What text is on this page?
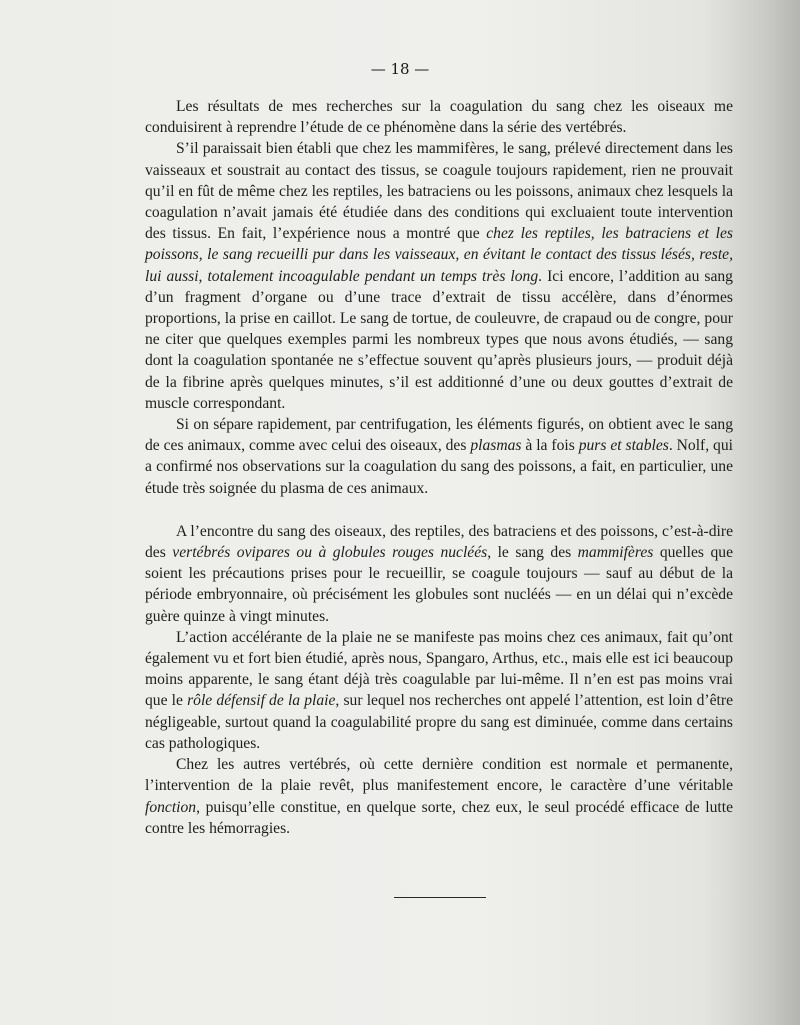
— 18 —

Les résultats de mes recherches sur la coagulation du sang chez les oiseaux me conduisirent à reprendre l’étude de ce phénomène dans la série des vertébrés.

S’il paraissait bien établi que chez les mammifères, le sang, prélevé directement dans les vaisseaux et soustrait au contact des tissus, se coagule toujours rapidement, rien ne prouvait qu’il en fût de même chez les reptiles, les batraciens ou les poissons, animaux chez lesquels la coagulation n’avait jamais été étudiée dans des conditions qui excluaient toute intervention des tissus. En fait, l’expérience nous a montré que chez les reptiles, les batraciens et les poissons, le sang recueilli pur dans les vaisseaux, en évitant le contact des tissus lésés, reste, lui aussi, totalement incoagulable pendant un temps très long. Ici encore, l’addition au sang d’un fragment d’organe ou d’une trace d’extrait de tissu accélère, dans d’énormes proportions, la prise en caillot. Le sang de tortue, de couleuvre, de crapaud ou de congre, pour ne citer que quelques exemples parmi les nombreux types que nous avons étudiés, — sang dont la coagulation spontanée ne s’effectue souvent qu’après plusieurs jours, — produit déjà de la fibrine après quelques minutes, s’il est additionné d’une ou deux gouttes d’extrait de muscle correspondant.

Si on sépare rapidement, par centrifugation, les éléments figurés, on obtient avec le sang de ces animaux, comme avec celui des oiseaux, des plasmas à la fois purs et stables. Nolf, qui a confirmé nos observations sur la coagulation du sang des poissons, a fait, en particulier, une étude très soignée du plasma de ces animaux.

A l’encontre du sang des oiseaux, des reptiles, des batraciens et des poissons, c’est-à-dire des vertébrés ovipares ou à globules rouges nucléés, le sang des mammifères quelles que soient les précautions prises pour le recueillir, se coagule toujours — sauf au début de la période embryonnaire, où précisément les globules sont nucléés — en un délai qui n’excède guère quinze à vingt minutes.

L’action accélérante de la plaie ne se manifeste pas moins chez ces animaux, fait qu’ont également vu et fort bien étudié, après nous, Spangaro, Arthus, etc., mais elle est ici beaucoup moins apparente, le sang étant déjà très coagulable par lui-même. Il n’en est pas moins vrai que le rôle défensif de la plaie, sur lequel nos recherches ont appelé l’attention, est loin d’être négligeable, surtout quand la coagulabilité propre du sang est diminuée, comme dans certains cas pathologiques.

Chez les autres vertébrés, où cette dernière condition est normale et permanente, l’intervention de la plaie revêt, plus manifestement encore, le caractère d’une véritable fonction, puisqu’elle constitue, en quelque sorte, chez eux, le seul procédé efficace de lutte contre les hémorragies.
